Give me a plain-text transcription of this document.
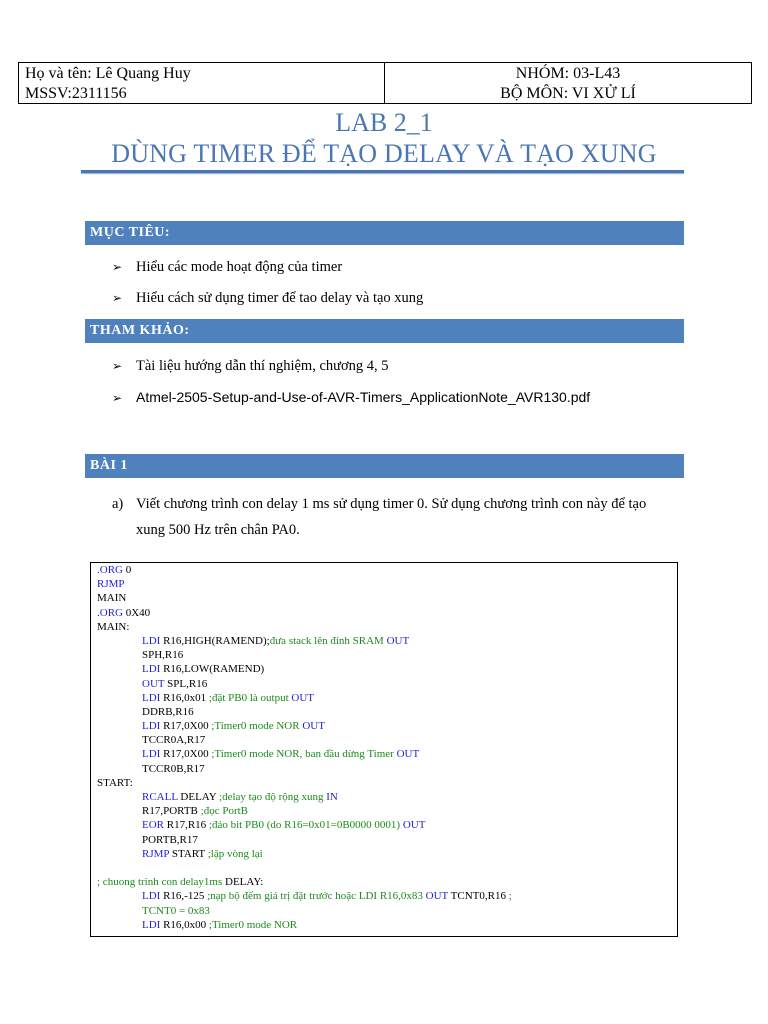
Họ và tên: Lê Quang Huy
MSSV:2311156
NHÓM: 03-L43
BỘ MÔN: VI XỬ LÍ
LAB 2_1
DÙNG TIMER ĐỂ TẠO DELAY VÀ TẠO XUNG
MỤC TIÊU:
➢ Hiểu các mode hoạt động của timer
➢ Hiểu cách sử dụng timer để tao delay và tạo xung
THAM KHẢO:
➢ Tài liệu hướng dẫn thí nghiệm, chương 4, 5
➢ Atmel-2505-Setup-and-Use-of-AVR-Timers_ApplicationNote_AVR130.pdf
BÀI 1
a) Viết chương trình con delay 1 ms sử dụng timer 0. Sử dụng chương trình con này để tạo
xung 500 Hz trên chân PA0.
.ORG 0
RJMP
MAIN
.ORG 0X40
MAIN:
LDI R16,HIGH(RAMEND);đưa stack lên đỉnh SRAM OUT
SPH,R16
LDI R16,LOW(RAMEND)
OUT SPL,R16
LDI R16,0x01 ;đặt PB0 là output OUT
DDRB,R16
LDI R17,0X00 ;Timer0 mode NOR OUT
TCCR0A,R17
LDI R17,0X00 ;Timer0 mode NOR, ban đầu dừng Timer OUT
TCCR0B,R17
START:
RCALL DELAY ;delay tạo độ rộng xung IN
R17,PORTB ;đọc PortB
EOR R17,R16 ;đảo bit PB0 (do R16=0x01=0B0000 0001) OUT
PORTB,R17
RJMP START ;lặp vòng lại
; chuong trinh con delay1ms DELAY:
LDI R16,-125 ;nạp bộ đếm giá trị đặt trước hoặc LDI R16,0x83 OUT TCNT0,R16 ;
TCNT0 = 0x83
LDI R16,0x00 ;Timer0 mode NOR
